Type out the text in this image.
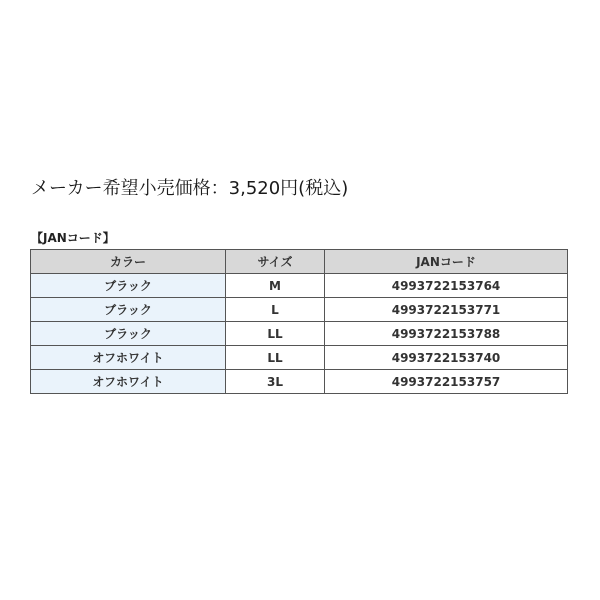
メーカー希望小売価格：3,520円(税込)
【JANコード】
カラー	サイズ	JANコード
ブラック	M	4993722153764
ブラック	L	4993722153771
ブラック	LL	4993722153788
オフホワイト	LL	4993722153740
オフホワイト	3L	4993722153757
